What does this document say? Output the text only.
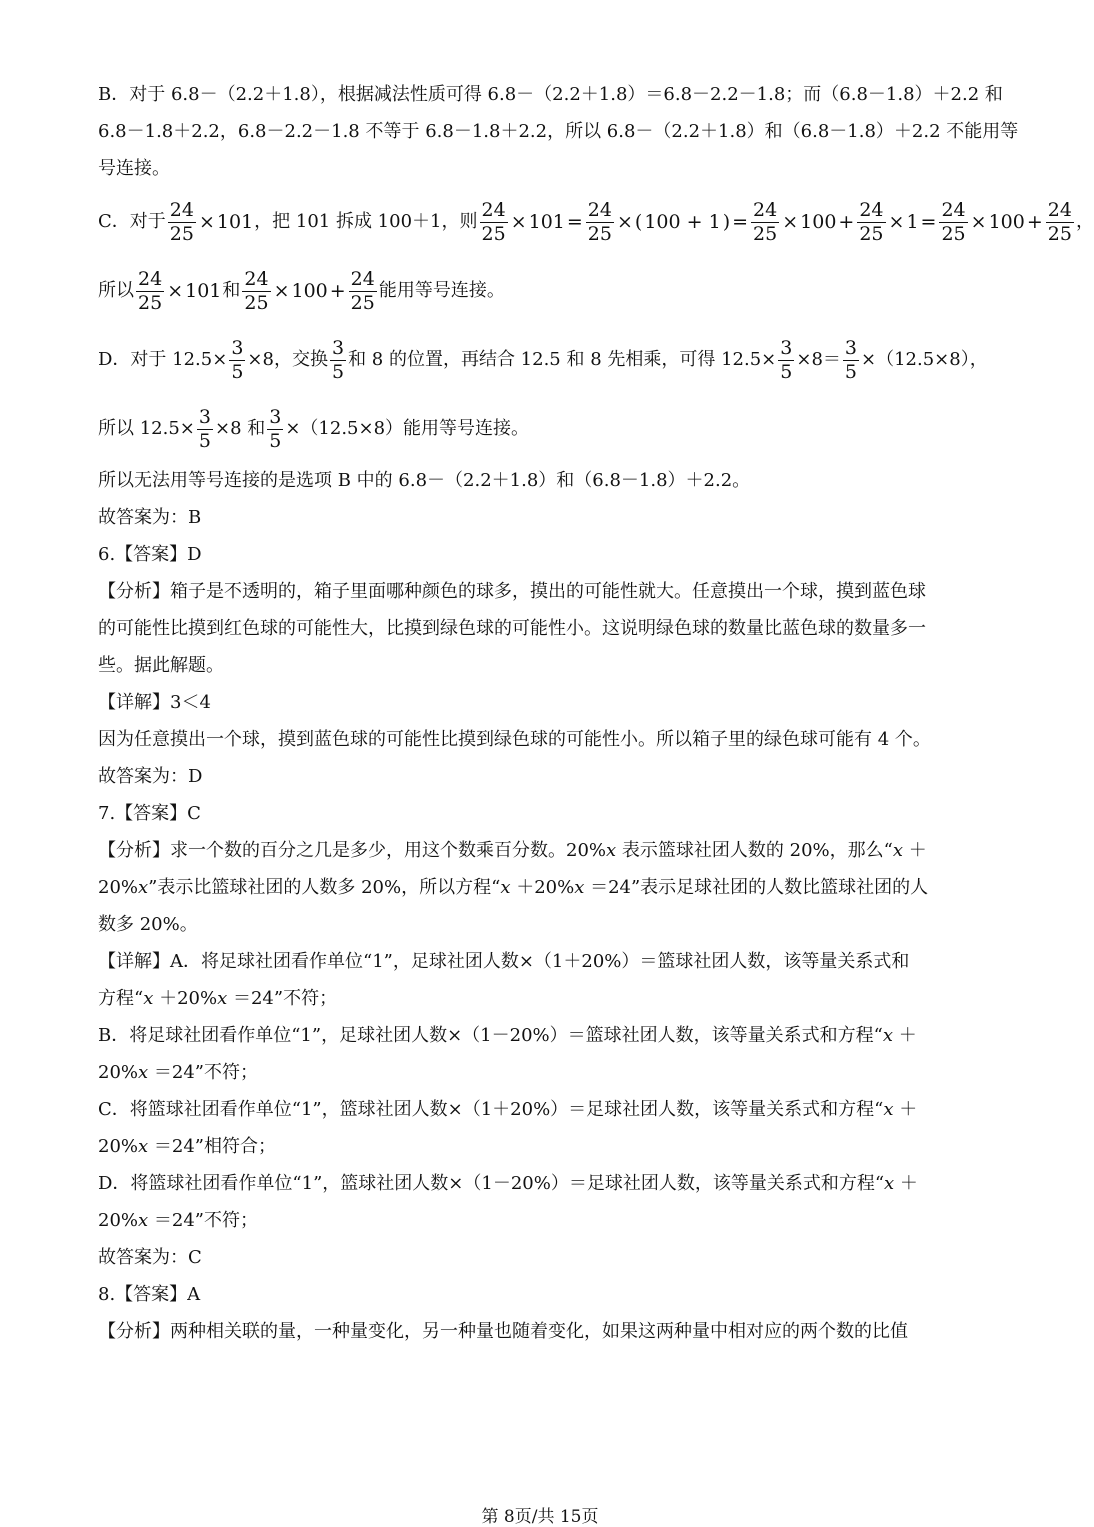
B．对于 6.8－（2.2＋1.8），根据减法性质可得 6.8－（2.2＋1.8）＝6.8－2.2－1.8；而（6.8－1.8）＋2.2 和
6.8－1.8＋2.2，6.8－2.2－1.8 不等于 6.8－1.8＋2.2，所以 6.8－（2.2＋1.8）和（6.8－1.8）＋2.2 不能用等
号连接。
C．对于 $\frac{24}{25} \times 101$ ，把 101 拆成 100＋1，则 $\frac{24}{25} \times 101 = \frac{24}{25}$ × ( 100 + 1 ) = $\frac{24}{25} \times 100 + \frac{24}{25} \times 1 = \frac{24}{25} \times 100 + \frac{24}{25}$ ，
所以 $\frac{24}{25} \times 101$ 和 $\frac{24}{25} \times 100 + \frac{24}{25}$ 能用等号连接。
D．对于 $12.5\times \frac{3}{5} \times 8$，交换 $\frac{3}{5}$ 和 8 的位置，再结合 12.5 和 8 先相乘，可得 $12.5\times \frac{3}{5} \times 8= \frac{3}{5} \times(12.5\times 8)$，
所以 $12.5\times \frac{3}{5} \times 8$ 和 $\frac{3}{5} \times(12.5\times 8)$能用等号连接。
所以无法用等号连接的是选项 B 中的 6.8－（2.2＋1.8）和（6.8－1.8）＋2.2。
故答案为：B
6.【答案】D
【分析】箱子是不透明的，箱子里面哪种颜色的球多，摸出的可能性就大。任意摸出一个球，摸到蓝色球
的可能性比摸到红色球的可能性大，比摸到绿色球的可能性小。这说明绿色球的数量比蓝色球的数量多一
些。据此解题。
【详解】3＜4
因为任意摸出一个球，摸到蓝色球的可能性比摸到绿色球的可能性小。所以箱子里的绿色球可能有 4 个。
故答案为：D
7.【答案】C
【分析】求一个数的百分之几是多少，用这个数乘百分数。20%x 表示篮球社团人数的 20%，那么“x ＋
20%x”表示比篮球社团的人数多 20%，所以方程“x ＋20%x ＝24”表示足球社团的人数比篮球社团的人
数多 20%。
【详解】A．将足球社团看作单位“1”，足球社团人数×（1＋20%）＝篮球社团人数，该等量关系式和
方程“x ＋20%x ＝24”不符；
B．将足球社团看作单位“1”，足球社团人数×（1－20%）＝篮球社团人数，该等量关系式和方程“x ＋
20%x ＝24”不符；
C．将篮球社团看作单位“1”，篮球社团人数×（1＋20%）＝足球社团人数，该等量关系式和方程“x ＋
20%x ＝24”相符合；
D．将篮球社团看作单位“1”，篮球社团人数×（1－20%）＝足球社团人数，该等量关系式和方程“x ＋
20%x ＝24”不符；
故答案为：C
8.【答案】A
【分析】两种相关联的量，一种量变化，另一种量也随着变化，如果这两种量中相对应的两个数的比值
第 8页/共 15页
